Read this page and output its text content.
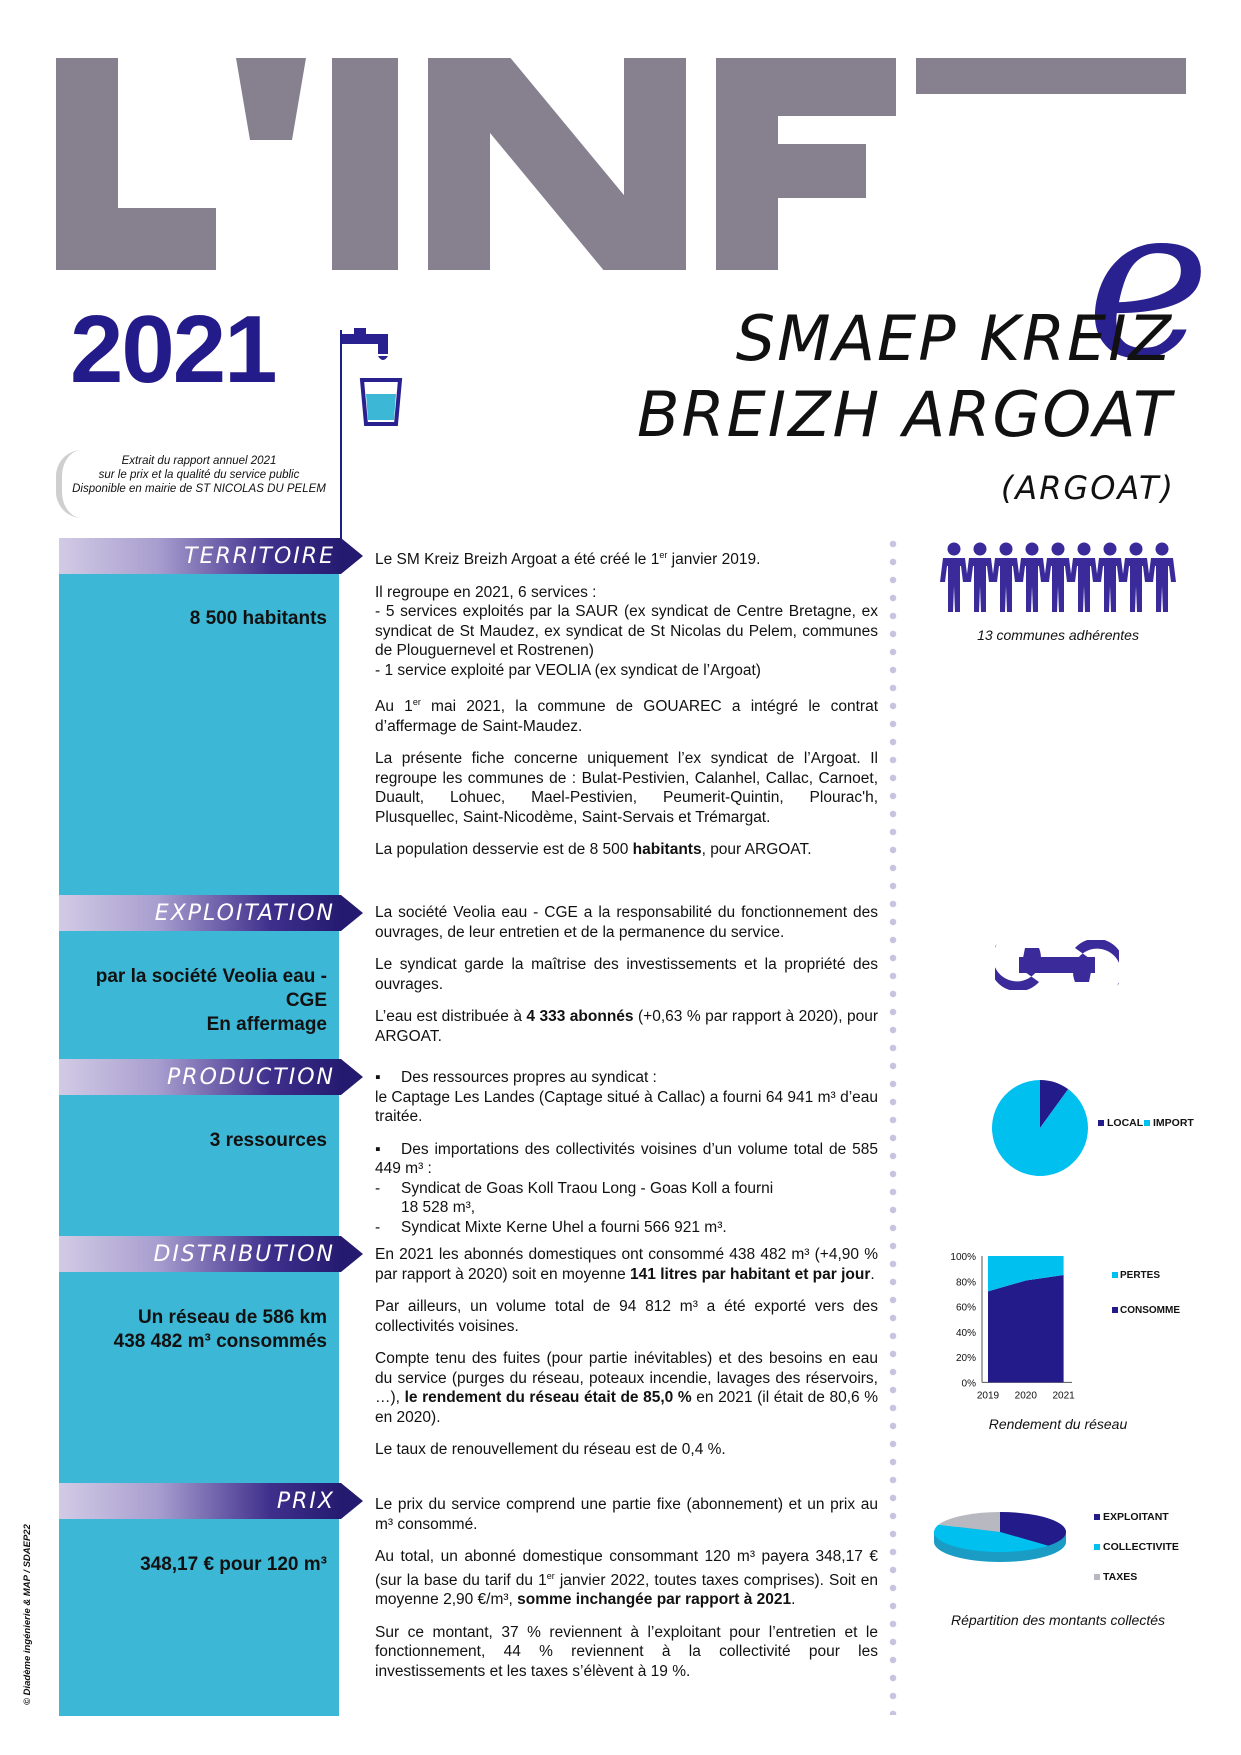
e
2021	SMAEP KREIZ
BREIZH ARGOAT
(ARGOAT)
Extrait du rapport annuel 2021
sur le prix et la qualité du service public
Disponible en mairie de ST NICOLAS DU PELEM
TERRITOIRE
8 500 habitants
EXPLOITATION
par la société Veolia eau - CGE
En affermage
PRODUCTION
3 ressources
DISTRIBUTION
Un réseau de 586 km
438 482 m³ consommés
PRIX
348,17 € pour 120 m³

Le SM Kreiz Breizh Argoat a été créé le 1er janvier 2019.

Il regroupe en 2021, 6 services :

- 5 services exploités par la SAUR (ex syndicat de Centre Bretagne, ex syndicat de St Maudez, ex syndicat de St Nicolas du Pelem, communes de Plouguernevel et Rostrenen)

- 1 service exploité par VEOLIA (ex syndicat de l’Argoat)

Au 1er mai 2021, la commune de GOUAREC a intégré le contrat d’affermage de Saint-Maudez.

La présente fiche concerne uniquement l’ex syndicat de l’Argoat. Il regroupe les communes de : Bulat-Pestivien, Calanhel, Callac, Carnoet, Duault, Lohuec, Mael-Pestivien, Peumerit-Quintin, Plourac'h, Plusquellec, Saint-Nicodème, Saint-Servais et Trémargat.

La population desservie est de 8 500 habitants, pour ARGOAT.

La société Veolia eau - CGE a la responsabilité du fonctionnement des ouvrages, de leur entretien et de la permanence du service.

Le syndicat garde la maîtrise des investissements et la propriété des ouvrages.

L’eau est distribuée à 4 333 abonnés (+0,63 % par rapport à 2020), pour ARGOAT.

▪ Des ressources propres au syndicat :

le Captage Les Landes (Captage situé à Callac) a fourni 64 941 m³ d’eau traitée.

▪ Des importations des collectivités voisines d’un volume total de 585 449 m³ :

- Syndicat de Goas Koll Traou Long - Goas Koll a fourni

18 528 m³,

- Syndicat Mixte Kerne Uhel a fourni 566 921 m³.

En 2021 les abonnés domestiques ont consommé 438 482 m³ (+4,90 % par rapport à 2020) soit en moyenne 141 litres par habitant et par jour.

Par ailleurs, un volume total de 94 812 m³ a été exporté vers des collectivités voisines.

Compte tenu des fuites (pour partie inévitables) et des besoins en eau du service (purges du réseau, poteaux incendie, lavages des réservoirs, …), le rendement du réseau était de 85,0 % en 2021 (il était de 80,6 % en 2020).

Le taux de renouvellement du réseau est de 0,4 %.

Le prix du service comprend une partie fixe (abonnement) et un prix au m³ consommé.

Au total, un abonné domestique consommant 120 m³ payera 348,17 € (sur la base du tarif du 1er janvier 2022, toutes taxes comprises). Soit en moyenne 2,90 €/m³, somme inchangée par rapport à 2021.

Sur ce montant, 37 % reviennent à l’exploitant pour l’entretien et le fonctionnement, 44 % reviennent à la collectivité pour les investissements et les taxes s’élèvent à 19 %.

13 communes adhérentes
LOCAL IMPORT
0%
20%
40%
60%
80%
100%
2019 2020 2021
PERTES
CONSOMME
Rendement du réseau
EXPLOITANT
COLLECTIVITE
TAXES
Répartition des montants collectés
© Diadème ingénierie & MAP / SDAEP22
